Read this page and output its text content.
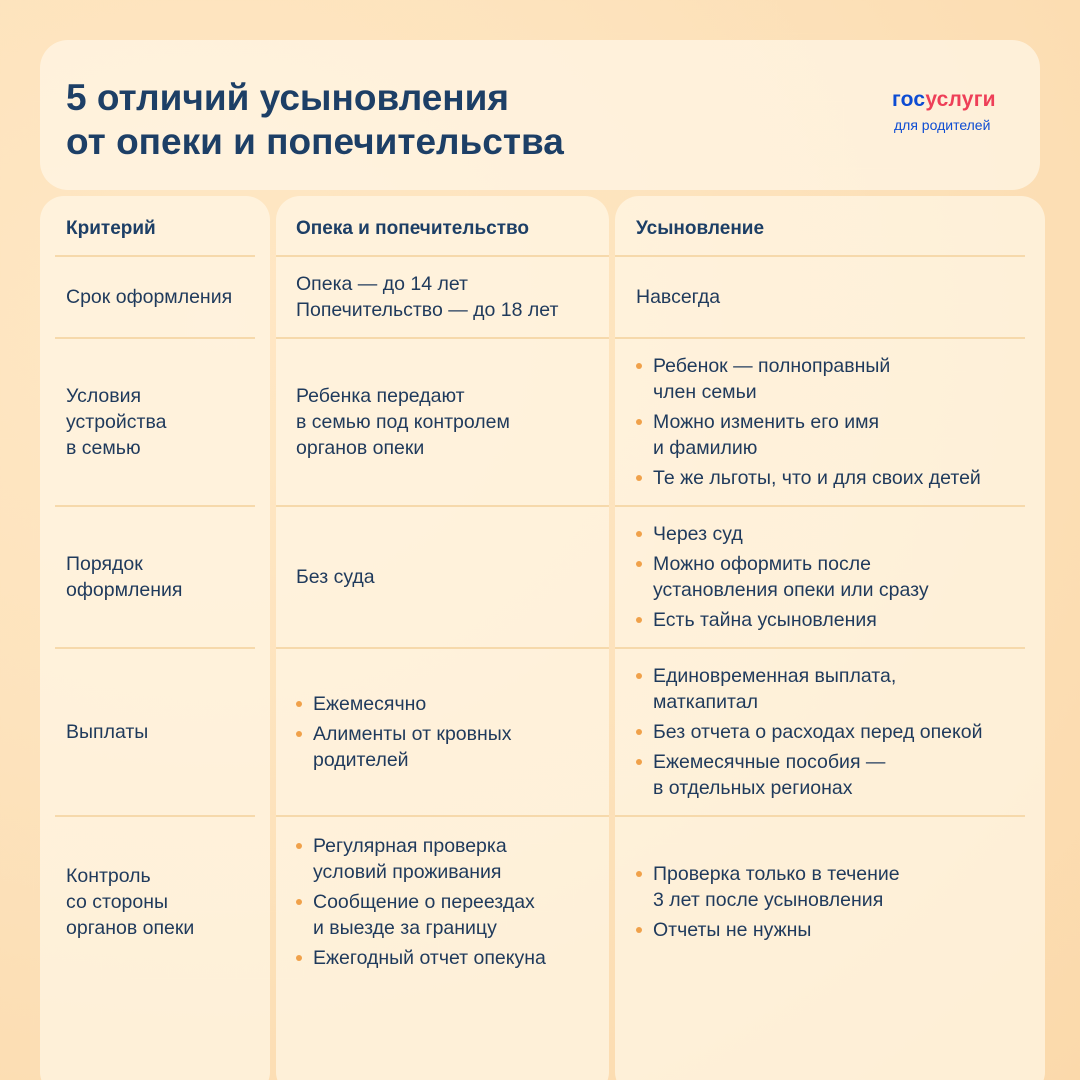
5 отличий усыновления
от опеки и попечительства
госуслуги
для родителей
Критерий	Опека и попечительство	Усыновление
Срок оформления
Опека — до 14 лет
Попечительство — до 18 лет
Навсегда
Условия
устройства
в семью
Ребенка передают
в семью под контролем
органов опеки
Ребенок — полноправный
член семьи
Можно изменить его имя
и фамилию
Те же льготы, что и для своих детей
Порядок
оформления
Без суда
Через суд
Можно оформить после
установления опеки или сразу
Есть тайна усыновления
Выплаты
Ежемесячно
Алименты от кровных
родителей
Единовременная выплата,
маткапитал
Без отчета о расходах перед опекой
Ежемесячные пособия —
в отдельных регионах
Контроль
со стороны
органов опеки
Регулярная проверка
условий проживания
Сообщение о переездах
и выезде за границу
Ежегодный отчет опекуна
Проверка только в течение
3 лет после усыновления
Отчеты не нужны
